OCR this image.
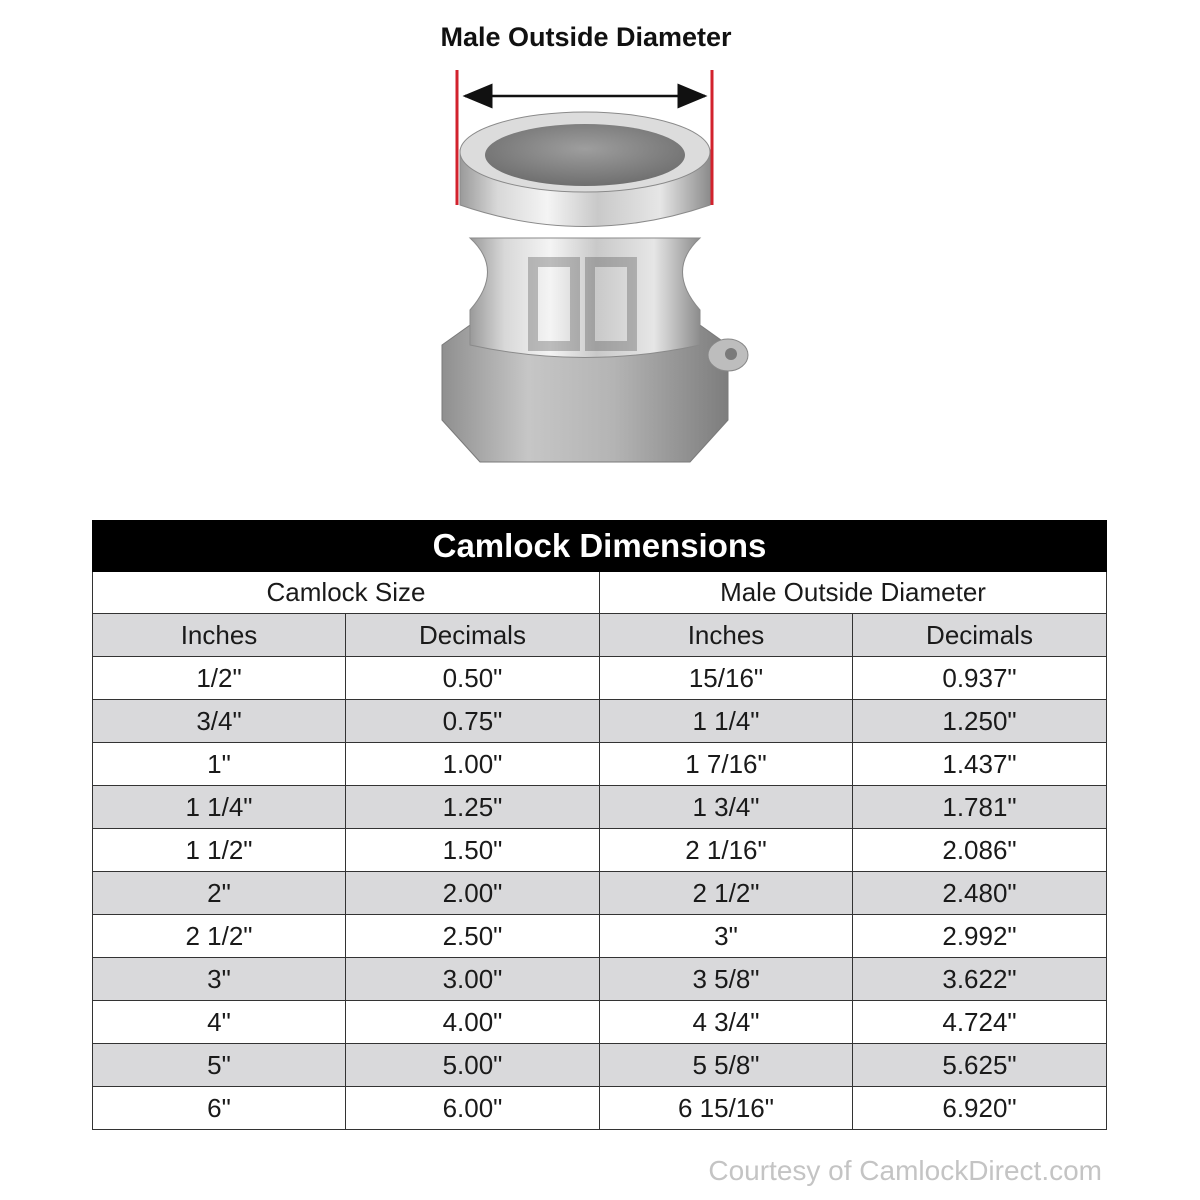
Male Outside Diameter
Camlock Dimensions			
Camlock Size		Male Outside Diameter	
Inches	Decimals	Inches	Decimals
1/2"	0.50"	15/16"	0.937"
3/4"	0.75"	1 1/4"	1.250"
1"	1.00"	1 7/16"	1.437"
1 1/4"	1.25"	1 3/4"	1.781"
1 1/2"	1.50"	2 1/16"	2.086"
2"	2.00"	2 1/2"	2.480"
2 1/2"	2.50"	3"	2.992"
3"	3.00"	3 5/8"	3.622"
4"	4.00"	4 3/4"	4.724"
5"	5.00"	5 5/8"	5.625"
6"	6.00"	6 15/16"	6.920"
Courtesy of CamlockDirect.com
